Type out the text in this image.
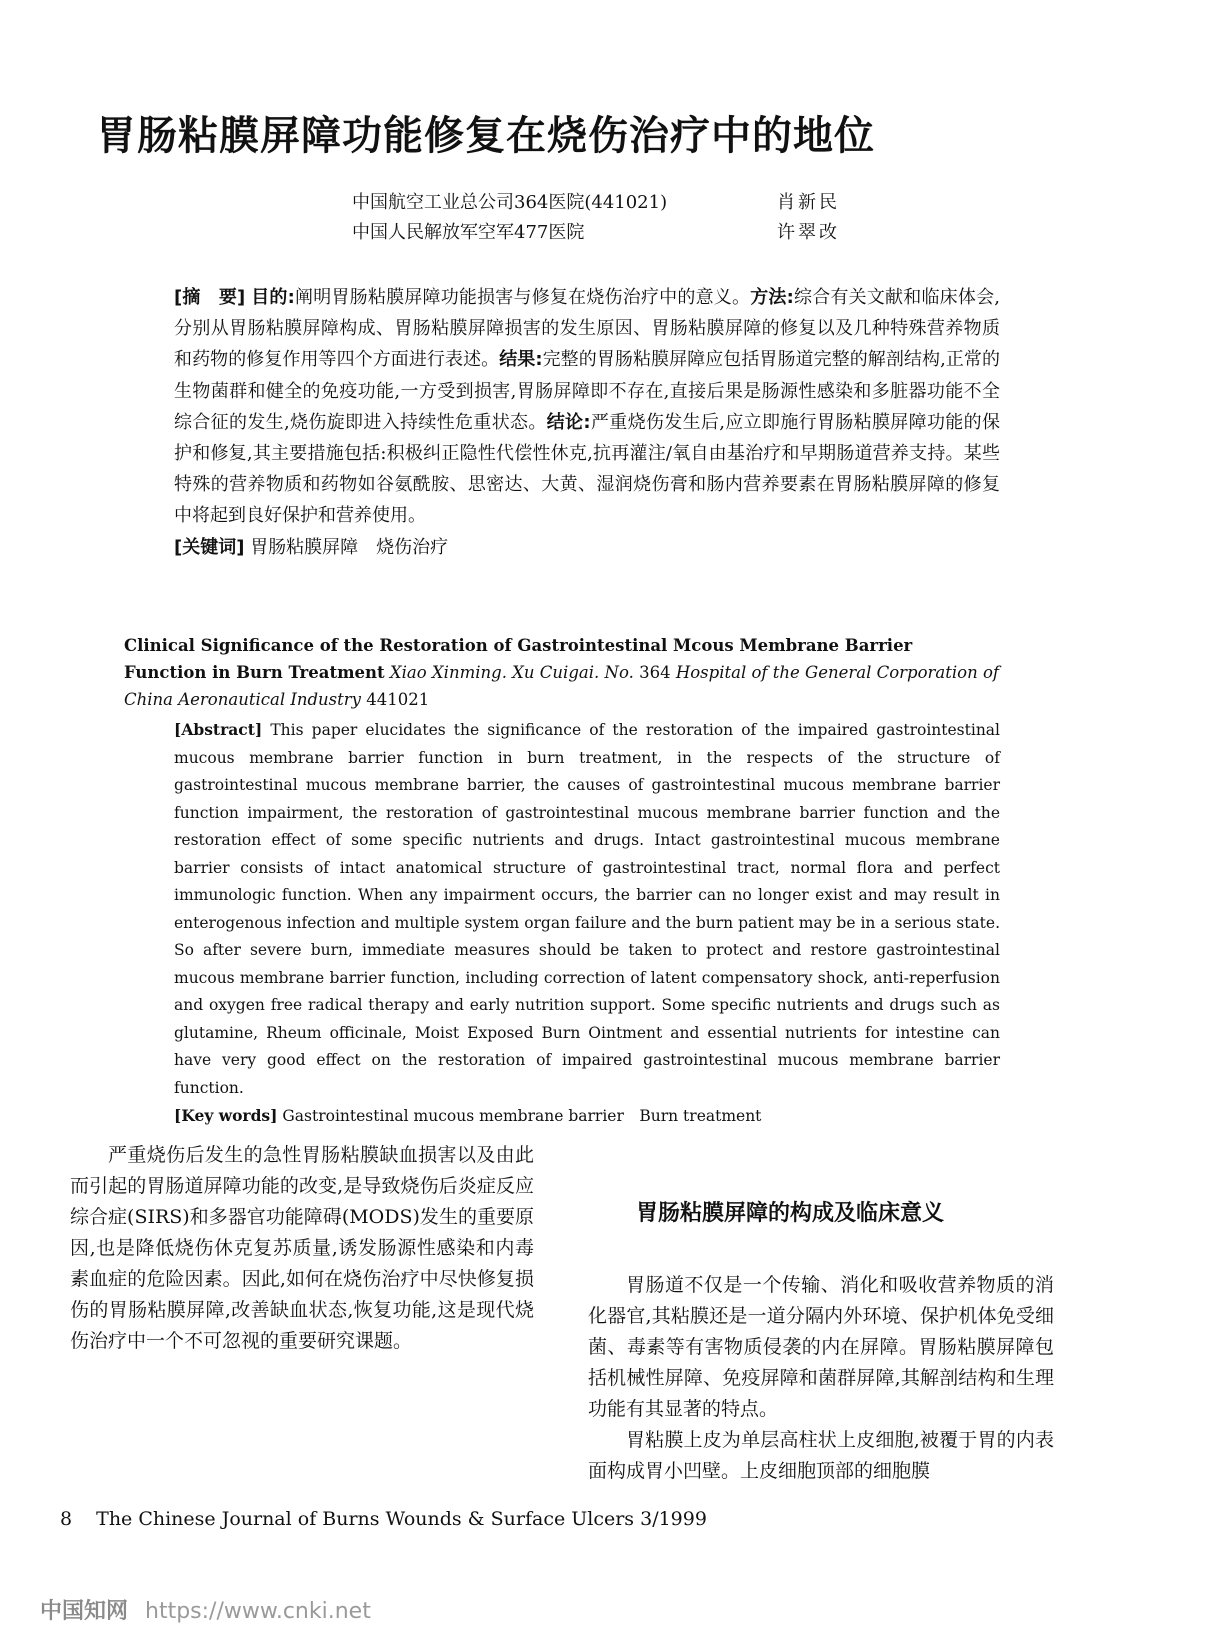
胃肠粘膜屏障功能修复在烧伤治疗中的地位
中国航空工业总公司364医院(441021)	肖新民
中国人民解放军空军477医院	许翠改

[摘　要] 目的:阐明胃肠粘膜屏障功能损害与修复在烧伤治疗中的意义。方法:综合有关文献和临床体会,分别从胃肠粘膜屏障构成、胃肠粘膜屏障损害的发生原因、胃肠粘膜屏障的修复以及几种特殊营养物质和药物的修复作用等四个方面进行表述。结果:完整的胃肠粘膜屏障应包括胃肠道完整的解剖结构,正常的生物菌群和健全的免疫功能,一方受到损害,胃肠屏障即不存在,直接后果是肠源性感染和多脏器功能不全综合征的发生,烧伤旋即进入持续性危重状态。结论:严重烧伤发生后,应立即施行胃肠粘膜屏障功能的保护和修复,其主要措施包括:积极纠正隐性代偿性休克,抗再灌注/氧自由基治疗和早期肠道营养支持。某些特殊的营养物质和药物如谷氨酰胺、思密达、大黄、湿润烧伤膏和肠内营养要素在胃肠粘膜屏障的修复中将起到良好保护和营养使用。

[关键词] 胃肠粘膜屏障　烧伤治疗

Clinical Significance of the Restoration of Gastrointestinal Mcous Membrane Barrier Function in Burn Treatment Xiao Xinming. Xu Cuigai. No. 364 Hospital of the General Corporation of China Aeronautical Industry 441021

[Abstract] This paper elucidates the significance of the restoration of the impaired gastrointestinal mucous membrane barrier function in burn treatment, in the respects of the structure of gastrointestinal mucous membrane barrier, the causes of gastrointestinal mucous membrane barrier function impairment, the restoration of gastrointestinal mucous membrane barrier function and the restoration effect of some specific nutrients and drugs. Intact gastrointestinal mucous membrane barrier consists of intact anatomical structure of gastrointestinal tract, normal flora and perfect immunologic function. When any impairment occurs, the barrier can no longer exist and may result in enterogenous infection and multiple system organ failure and the burn patient may be in a serious state. So after severe burn, immediate measures should be taken to protect and restore gastrointestinal mucous membrane barrier function, including correction of latent compensatory shock, anti-reperfusion and oxygen free radical therapy and early nutrition support. Some specific nutrients and drugs such as glutamine, Rheum officinale, Moist Exposed Burn Ointment and essential nutrients for intestine can have very good effect on the restoration of impaired gastrointestinal mucous membrane barrier function.

[Key words] Gastrointestinal mucous membrane barrier　Burn treatment

严重烧伤后发生的急性胃肠粘膜缺血损害以及由此而引起的胃肠道屏障功能的改变,是导致烧伤后炎症反应综合症(SIRS)和多器官功能障碍(MODS)发生的重要原因,也是降低烧伤休克复苏质量,诱发肠源性感染和内毒素血症的危险因素。因此,如何在烧伤治疗中尽快修复损伤的胃肠粘膜屏障,改善缺血状态,恢复功能,这是现代烧伤治疗中一个不可忽视的重要研究课题。

胃肠粘膜屏障的构成及临床意义

胃肠道不仅是一个传输、消化和吸收营养物质的消化器官,其粘膜还是一道分隔内外环境、保护机体免受细菌、毒素等有害物质侵袭的内在屏障。胃肠粘膜屏障包括机械性屏障、免疫屏障和菌群屏障,其解剖结构和生理功能有其显著的特点。

胃粘膜上皮为单层高柱状上皮细胞,被覆于胃的内表面构成胃小凹壁。上皮细胞顶部的细胞膜

8 The Chinese Journal of Burns Wounds & Surface Ulcers 3/1999
中国知网 https://www.cnki.net
